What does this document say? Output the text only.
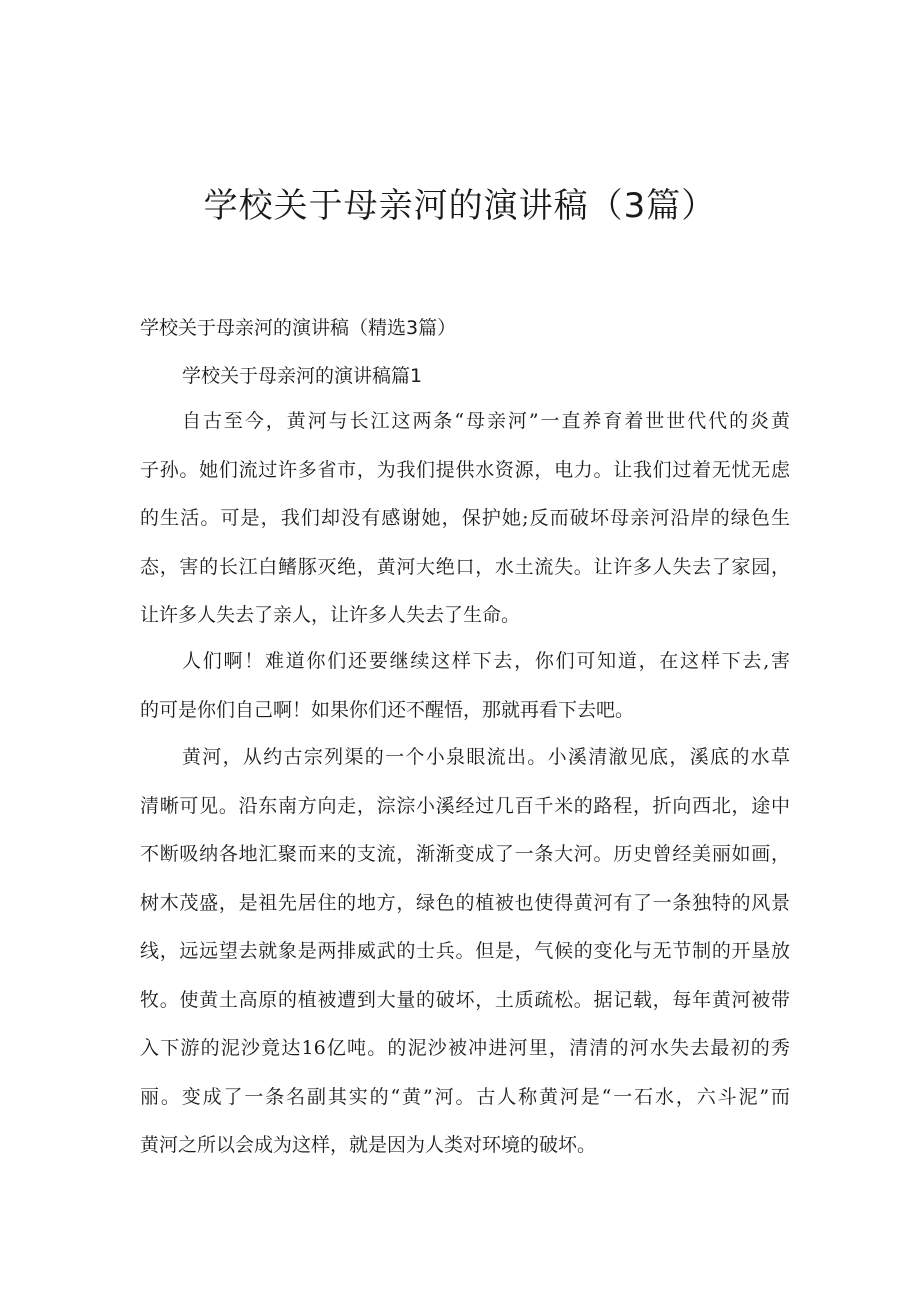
学校关于母亲河的演讲稿（3篇）
学校关于母亲河的演讲稿（精选3篇）
学校关于母亲河的演讲稿篇1
自古至今，黄河与长江这两条“母亲河”一直养育着世世代代的炎黄
子孙。她们流过许多省市，为我们提供水资源，电力。让我们过着无忧无虑
的生活。可是，我们却没有感谢她，保护她;反而破坏母亲河沿岸的绿色生
态，害的长江白鳍豚灭绝，黄河大绝口，水土流失。让许多人失去了家园，
让许多人失去了亲人，让许多人失去了生命。
人们啊！难道你们还要继续这样下去，你们可知道，在这样下去,害
的可是你们自己啊！如果你们还不醒悟，那就再看下去吧。
黄河，从约古宗列渠的一个小泉眼流出。小溪清澈见底，溪底的水草
清晰可见。沿东南方向走，淙淙小溪经过几百千米的路程，折向西北，途中
不断吸纳各地汇聚而来的支流，渐渐变成了一条大河。历史曾经美丽如画，
树木茂盛，是祖先居住的地方，绿色的植被也使得黄河有了一条独特的风景
线，远远望去就象是两排威武的士兵。但是，气候的变化与无节制的开垦放
牧。使黄土高原的植被遭到大量的破坏，土质疏松。据记载，每年黄河被带
入下游的泥沙竟达16亿吨。的泥沙被冲进河里，清清的河水失去最初的秀
丽。变成了一条名副其实的“黄”河。古人称黄河是“一石水，六斗泥”而
黄河之所以会成为这样，就是因为人类对环境的破坏。
